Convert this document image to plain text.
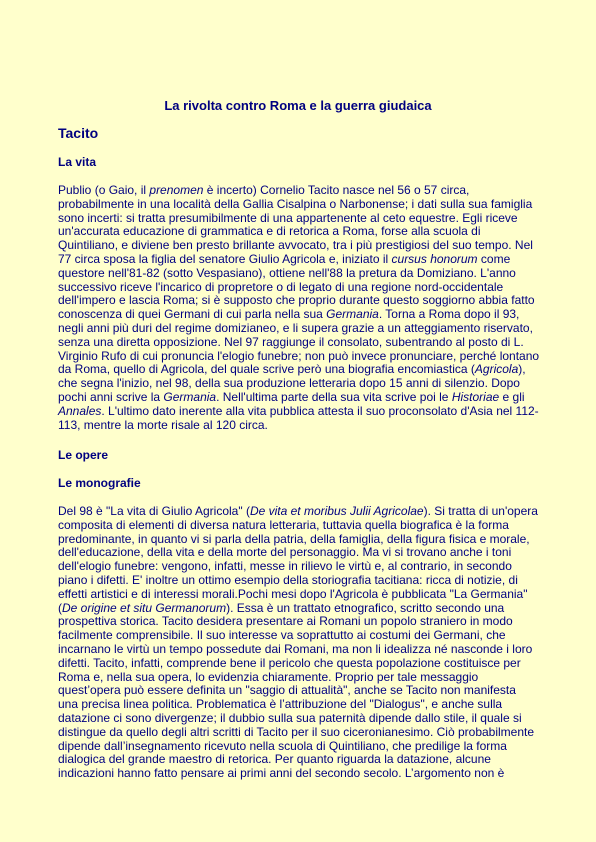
La rivolta contro Roma e la guerra giudaica
Tacito
La vita
Publio (o Gaio, il prenomen è incerto) Cornelio Tacito nasce nel 56 o 57 circa,
probabilmente in una località della Gallia Cisalpina o Narbonense; i dati sulla sua famiglia
sono incerti: si tratta presumibilmente di una appartenente al ceto equestre. Egli riceve
un'accurata educazione di grammatica e di retorica a Roma, forse alla scuola di
Quintiliano, e diviene ben presto brillante avvocato, tra i più prestigiosi del suo tempo. Nel
77 circa sposa la figlia del senatore Giulio Agricola e, iniziato il cursus honorum come
questore nell'81-82 (sotto Vespasiano), ottiene nell'88 la pretura da Domiziano. L'anno
successivo riceve l'incarico di propretore o di legato di una regione nord-occidentale
dell'impero e lascia Roma; si è supposto che proprio durante questo soggiorno abbia fatto
conoscenza di quei Germani di cui parla nella sua Germania. Torna a Roma dopo il 93,
negli anni più duri del regime domizianeo, e li supera grazie a un atteggiamento riservato,
senza una diretta opposizione. Nel 97 raggiunge il consolato, subentrando al posto di L.
Virginio Rufo di cui pronuncia l'elogio funebre; non può invece pronunciare, perché lontano
da Roma, quello di Agricola, del quale scrive però una biografia encomiastica (Agricola),
che segna l'inizio, nel 98, della sua produzione letteraria dopo 15 anni di silenzio. Dopo
pochi anni scrive la Germania. Nell'ultima parte della sua vita scrive poi le Historiae e gli
Annales. L'ultimo dato inerente alla vita pubblica attesta il suo proconsolato d'Asia nel 112-
113, mentre la morte risale al 120 circa.
Le opere
Le monografie
Del 98 è "La vita di Giulio Agricola" (De vita et moribus Julii Agricolae). Si tratta di un'opera
composita di elementi di diversa natura letteraria, tuttavia quella biografica è la forma
predominante, in quanto vi si parla della patria, della famiglia, della figura fisica e morale,
dell'educazione, della vita e della morte del personaggio. Ma vi si trovano anche i toni
dell'elogio funebre: vengono, infatti, messe in rilievo le virtù e, al contrario, in secondo
piano i difetti. E' inoltre un ottimo esempio della storiografia tacitiana: ricca di notizie, di
effetti artistici e di interessi morali.Pochi mesi dopo l'Agricola è pubblicata "La Germania"
(De origine et situ Germanorum). Essa è un trattato etnografico, scritto secondo una
prospettiva storica. Tacito desidera presentare ai Romani un popolo straniero in modo
facilmente comprensibile. Il suo interesse va soprattutto ai costumi dei Germani, che
incarnano le virtù un tempo possedute dai Romani, ma non li idealizza né nasconde i loro
difetti. Tacito, infatti, comprende bene il pericolo che questa popolazione costituisce per
Roma e, nella sua opera, lo evidenzia chiaramente. Proprio per tale messaggio
quest’opera può essere definita un "saggio di attualità", anche se Tacito non manifesta
una precisa linea politica. Problematica è l’attribuzione del "Dialogus", e anche sulla
datazione ci sono divergenze; il dubbio sulla sua paternità dipende dallo stile, il quale si
distingue da quello degli altri scritti di Tacito per il suo ciceronianesimo. Ciò probabilmente
dipende dall’insegnamento ricevuto nella scuola di Quintiliano, che predilige la forma
dialogica del grande maestro di retorica. Per quanto riguarda la datazione, alcune
indicazioni hanno fatto pensare ai primi anni del secondo secolo. L’argomento non è
